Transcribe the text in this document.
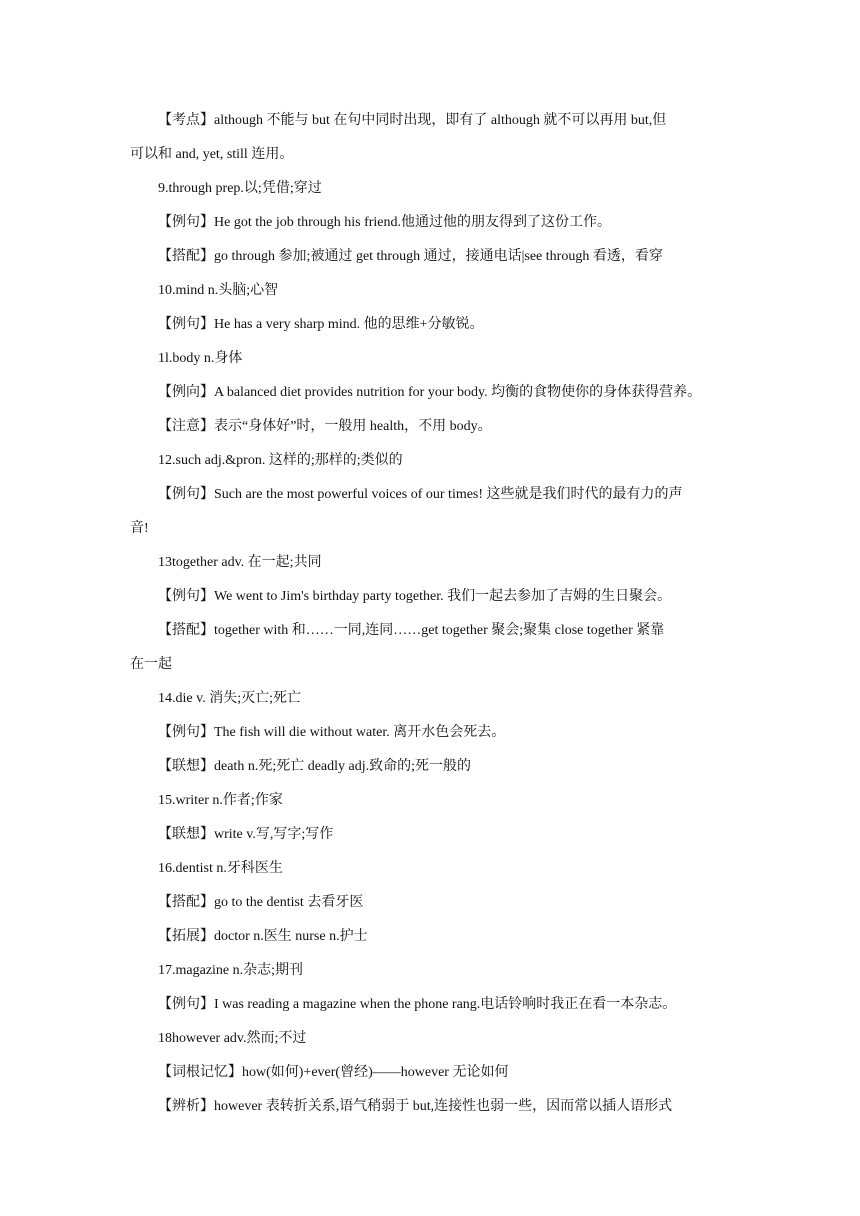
【考点】although 不能与 but 在句中同时出现，即有了 although 就不可以再用 but,但
可以和 and, yet, still 连用。
9.through prep.以;凭借;穿过
【例句】He got the job through his friend.他通过他的朋友得到了这份工作。
【搭配】go through 参加;被通过 get through 通过，接通电话|see through 看透，看穿
10.mind n.头脑;心智
【例句】He has a very sharp mind. 他的思维+分敏锐。
1l.body n.身体
【例向】A balanced diet provides nutrition for your body. 均衡的食物使你的身体获得营养。
【注意】表示“身体好”时，一般用 health，不用 body。
12.such adj.&pron. 这样的;那样的;类似的
【例句】Such are the most powerful voices of our times! 这些就是我们时代的最有力的声
音!
13together adv. 在一起;共同
【例句】We went to Jim's birthday party together. 我们一起去参加了吉姆的生日聚会。
【搭配】together with 和……一同,连同……get together 聚会;聚集 close together 紧靠
在一起
14.die v. 消失;灭亡;死亡
【例句】The fish will die without water. 离开水色会死去。
【联想】death n.死;死亡 deadly adj.致命的;死一般的
15.writer n.作者;作家
【联想】write v.写,写字;写作
16.dentist n.牙科医生
【搭配】go to the dentist 去看牙医
【拓展】doctor n.医生 nurse n.护士
17.magazine n.杂志;期刊
【例句】I was reading a magazine when the phone rang.电话铃响时我正在看一本杂志。
18however adv.然而;不过
【词根记忆】how(如何)+ever(曾经)——however 无论如何
【辨析】however 表转折关系,语气稍弱于 but,连接性也弱一些，因而常以插人语形式
